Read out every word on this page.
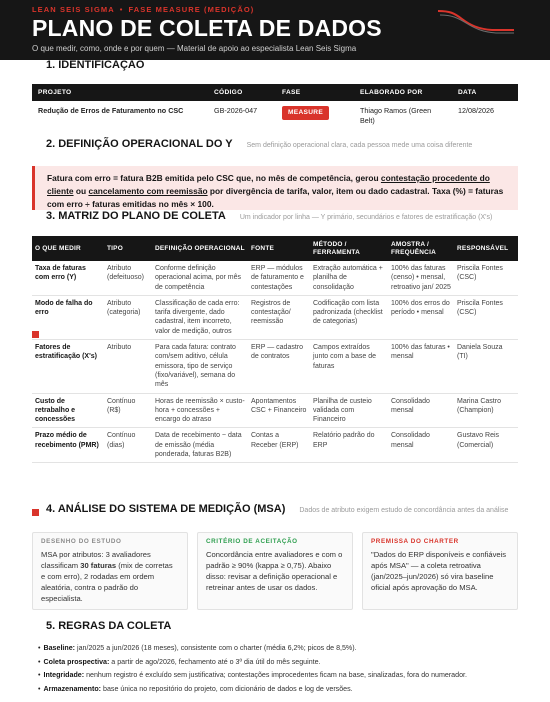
LEAN SEIS SIGMA • FASE MEASURE (MEDIÇÃO)
PLANO DE COLETA DE DADOS
O que medir, como, onde e por quem — Material de apoio ao especialista Lean Seis Sigma
1. IDENTIFICAÇÃO
PROJETO	CÓDIGO	FASE	ELABORADO POR	DATA
Redução de Erros de Faturamento no CSC	GB-2026-047	MEASURE	Thiago Ramos (Green Belt)	12/08/2026
2. DEFINIÇÃO OPERACIONAL DO Y Sem definição operacional clara, cada pessoa mede uma coisa diferente
Fatura com erro = fatura B2B emitida pelo CSC que, no mês de competência, gerou contestação procedente do cliente ou cancelamento com reemissão por divergência de tarifa, valor, item ou dado cadastral. Taxa (%) = faturas com erro ÷ faturas emitidas no mês × 100.
3. MATRIZ DO PLANO DE COLETA Um indicador por linha — Y primário, secundários e fatores de estratificação (X's)
O QUE MEDIR	TIPO	DEFINIÇÃO OPERACIONAL	FONTE	MÉTODO / FERRAMENTA	AMOSTRA / FREQUÊNCIA	RESPONSÁVEL
Taxa de faturas com erro (Y)	Atributo (defeituoso)	Conforme definição operacional acima, por mês de competência	ERP — módulos de faturamento e contestações	Extração automática + planilha de consolidação	100% das faturas (censo) • mensal, retroativo jan/ 2025	Priscila Fontes (CSC)
Modo de falha do erro	Atributo (categoria)	Classificação de cada erro: tarifa divergente, dado cadastral, item incorreto, valor de medição, outros	Registros de contestação/ reemissão	Codificação com lista padronizada (checklist de categorias)	100% dos erros do período • mensal	Priscila Fontes (CSC)
Fatores de estratificação (X's)	Atributo	Para cada fatura: contrato com/sem aditivo, célula emissora, tipo de serviço (fixo/variável), semana do mês	ERP — cadastro de contratos	Campos extraídos junto com a base de faturas	100% das faturas • mensal	Daniela Souza (TI)
Custo de retrabalho e concessões	Contínuo (R$)	Horas de reemissão × custo-hora + concessões + encargo do atraso	Apontamentos CSC + Financeiro	Planilha de custeio validada com Financeiro	Consolidado mensal	Marina Castro (Champion)
Prazo médio de recebimento (PMR)	Contínuo (dias)	Data de recebimento − data de emissão (média ponderada, faturas B2B)	Contas a Receber (ERP)	Relatório padrão do ERP	Consolidado mensal	Gustavo Reis (Comercial)
4. ANÁLISE DO SISTEMA DE MEDIÇÃO (MSA) Dados de atributo exigem estudo de concordância antes da análise
DESENHO DO ESTUDO
MSA por atributos: 3 avaliadores classificam 30 faturas (mix de corretas e com erro), 2 rodadas em ordem aleatória, contra o padrão do especialista.
CRITÉRIO DE ACEITAÇÃO
Concordância entre avaliadores e com o padrão ≥ 90% (kappa ≥ 0,75). Abaixo disso: revisar a definição operacional e retreinar antes de usar os dados.
PREMISSA DO CHARTER
"Dados do ERP disponíveis e confiáveis após MSA" — a coleta retroativa (jan/2025–jun/2026) só vira baseline oficial após aprovação do MSA.
5. REGRAS DA COLETA
• Baseline: jan/2025 a jun/2026 (18 meses), consistente com o charter (média 6,2%; picos de 8,5%).
• Coleta prospectiva: a partir de ago/2026, fechamento até o 3º dia útil do mês seguinte.
• Integridade: nenhum registro é excluído sem justificativa; contestações improcedentes ficam na base, sinalizadas, fora do numerador.
• Armazenamento: base única no repositório do projeto, com dicionário de dados e log de versões.
